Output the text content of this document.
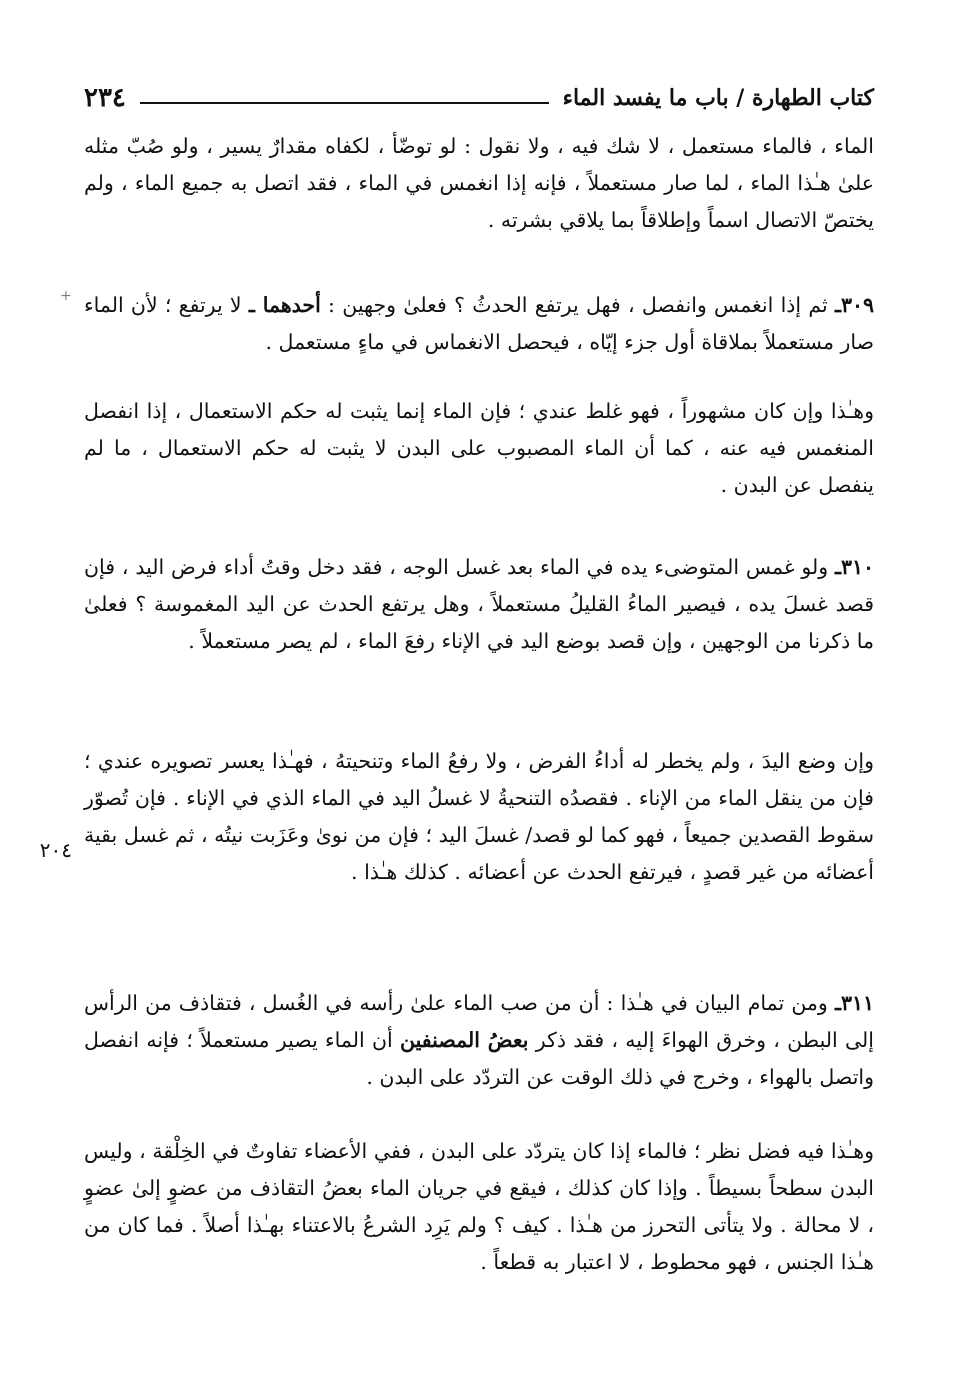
كتاب الطهارة / باب ما يفسد الماء
٢٣٤
+
٢٠٤

الماء ، فالماء مستعمل ، لا شك فيه ، ولا نقول : لو توضّأ ، لكفاه مقدارٌ يسير ، ولو صُبّ مثله علىٰ هـٰذا الماء ، لما صار مستعملاً ، فإنه إذا انغمس في الماء ، فقد اتصل به جميع الماء ، ولم يختصّ الاتصال اسماً وإطلاقاً بما يلاقي بشرته .

٣٠٩ـ ثم إذا انغمس وانفصل ، فهل يرتفع الحدثُ ؟ فعلىٰ وجهين : أحدهما ـ لا يرتفع ؛ لأن الماء صار مستعملاً بملاقاة أول جزء إيّاه ، فيحصل الانغماس في ماءٍ مستعمل .

وهـٰذا وإن كان مشهوراً ، فهو غلط عندي ؛ فإن الماء إنما يثبت له حكم الاستعمال ، إذا انفصل المنغمس فيه عنه ، كما أن الماء المصبوب على البدن لا يثبت له حكم الاستعمال ، ما لم ينفصل عن البدن .

٣١٠ـ ولو غمس المتوضىء يده في الماء بعد غسل الوجه ، فقد دخل وقتُ أداء فرض اليد ، فإن قصد غسلَ يده ، فيصير الماءُ القليلُ مستعملاً ، وهل يرتفع الحدث عن اليد المغموسة ؟ فعلىٰ ما ذكرنا من الوجهين ، وإن قصد بوضع اليد في الإناء رفعَ الماء ، لم يصر مستعملاً .

وإن وضع اليدَ ، ولم يخطر له أداءُ الفرض ، ولا رفعُ الماء وتنحيتهُ ، فهـٰذا يعسر تصويره عندي ؛ فإن من ينقل الماء من الإناء . فقصدُه التنحيةُ لا غسلُ اليد في الماء الذي في الإناء . فإن تُصوّر سقوط القصدين جميعاً ، فهو كما لو قصد/ غسلَ اليد ؛ فإن من نوىٰ وعَزَبت نيتُه ، ثم غسل بقية أعضائه من غير قصدٍ ، فيرتفع الحدث عن أعضائه . كذلك هـٰذا .

٣١١ـ ومن تمام البيان في هـٰذا : أن من صب الماء علىٰ رأسه في الغُسل ، فتقاذف من الرأس إلى البطن ، وخرق الهواءَ إليه ، فقد ذكر بعضُ المصنفين أن الماء يصير مستعملاً ؛ فإنه انفصل واتصل بالهواء ، وخرج في ذلك الوقت عن التردّد على البدن .

وهـٰذا فيه فضل نظر ؛ فالماء إذا كان يتردّد على البدن ، ففي الأعضاء تفاوتٌ في الخِلْقة ، وليس البدن سطحاً بسيطاً . وإذا كان كذلك ، فيقع في جريان الماء بعضُ التقاذف من عضوٍ إلىٰ عضوٍ ، لا محالة . ولا يتأتى التحرز من هـٰذا . كيف ؟ ولم يَرِد الشرعُ بالاعتناء بهـٰذا أصلاً . فما كان من هـٰذا الجنس ، فهو محطوط ، لا اعتبار به قطعاً .
